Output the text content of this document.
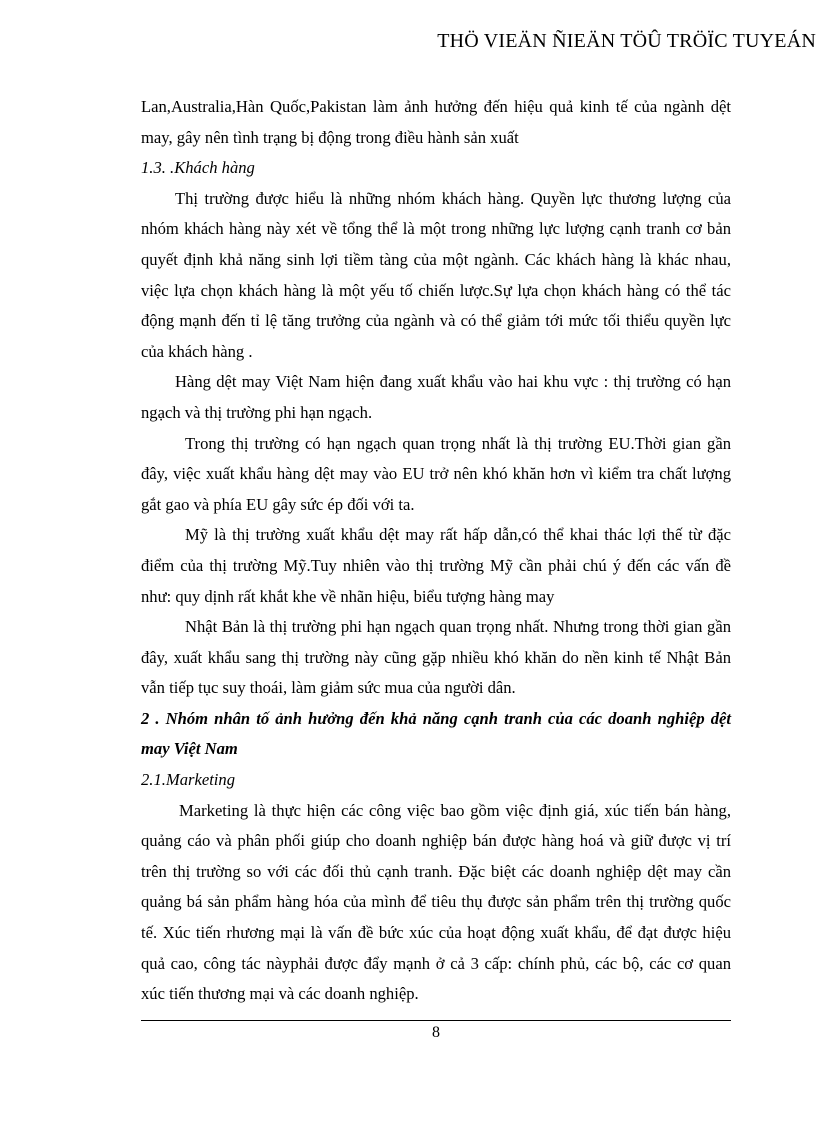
THÖ VIEÄN ÑIEÄN TÖÛ TRÖÏC TUYEÁN

Lan,Australia,Hàn Quốc,Pakistan làm ảnh hưởng đến hiệu quả kinh tế của ngành dệt may, gây nên tình trạng bị động trong điều hành sản xuất

1.3. .Khách hàng

Thị trường được hiểu là những nhóm khách hàng. Quyền lực thương lượng của nhóm khách hàng này xét về tổng thể là một trong những lực lượng cạnh tranh cơ bản quyết định khả năng sinh lợi tiềm tàng của một ngành. Các khách hàng là khác nhau, việc lựa chọn khách hàng là một yếu tố chiến lược.Sự lựa chọn khách hàng có thể tác động mạnh đến tỉ lệ tăng trưởng của ngành và có thể giảm tới mức tối thiểu quyền lực của khách hàng .

Hàng dệt may Việt Nam hiện đang xuất khẩu vào hai khu vực : thị trường có hạn ngạch và thị trường phi hạn ngạch.

Trong thị trường có hạn ngạch quan trọng nhất là thị trường EU.Thời gian gần đây, việc xuất khẩu hàng dệt may vào EU trở nên khó khăn hơn vì kiểm tra chất lượng gắt gao và phía EU gây sức ép đối với ta.

Mỹ là thị trường xuất khẩu dệt may rất hấp dẫn,có thể khai thác lợi thế từ đặc điểm của thị trường Mỹ.Tuy nhiên vào thị trường Mỹ cần phải chú ý đến các vấn đề như: quy dịnh rất khắt khe về nhãn hiệu, biểu tượng hàng may

Nhật Bản là thị trường phi hạn ngạch quan trọng nhất. Nhưng trong thời gian gần đây, xuất khẩu sang thị trường này cũng gặp nhiều khó khăn do nền kinh tế Nhật Bản vẫn tiếp tục suy thoái, làm giảm sức mua của người dân.

2 . Nhóm nhân tố ảnh hưởng đến khả năng cạnh tranh của các doanh nghiệp dệt may Việt Nam

2.1.Marketing

Marketing là thực hiện các công việc bao gồm việc định giá, xúc tiến bán hàng, quảng cáo và phân phối giúp cho doanh nghiệp bán được hàng hoá và giữ được vị trí trên thị trường so với các đối thủ cạnh tranh. Đặc biệt các doanh nghiệp dệt may cần quảng bá sản phẩm hàng hóa của mình để tiêu thụ được sản phẩm trên thị trường quốc tế. Xúc tiến rhương mại là vấn đề bức xúc của hoạt động xuất khẩu, để đạt được hiệu quả cao, công tác nàyphải được đẩy mạnh ở cả 3 cấp: chính phủ, các bộ, các cơ quan xúc tiến thương mại và các doanh nghiệp.

8
